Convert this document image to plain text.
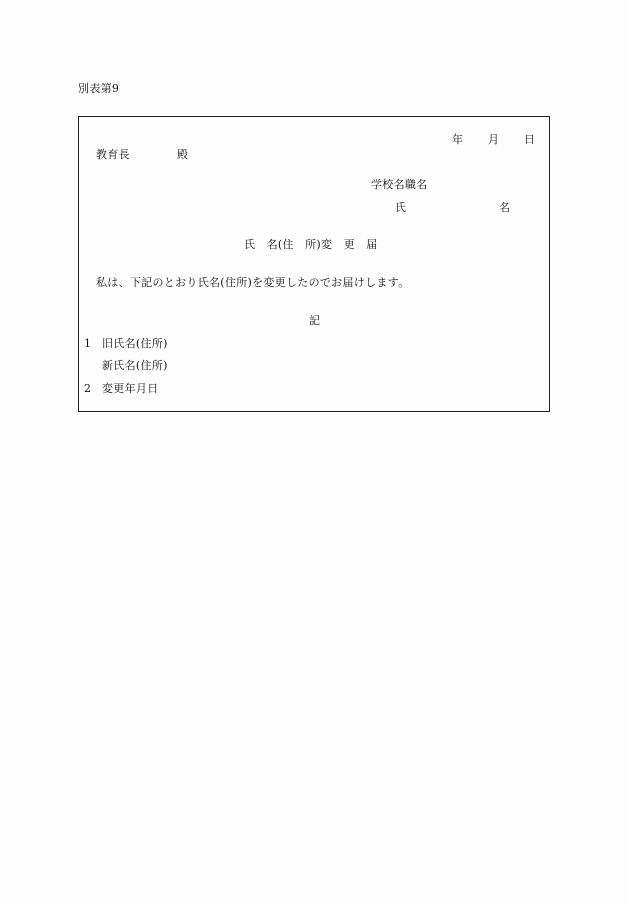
別表第9
年 月 日
教育長	殿
学校名職名
氏	名
氏　名(住　所)変　更　届
私は、下記のとおり氏名(住所)を変更したのでお届けします。
記
1 旧氏名(住所)
新氏名(住所)
2 変更年月日
